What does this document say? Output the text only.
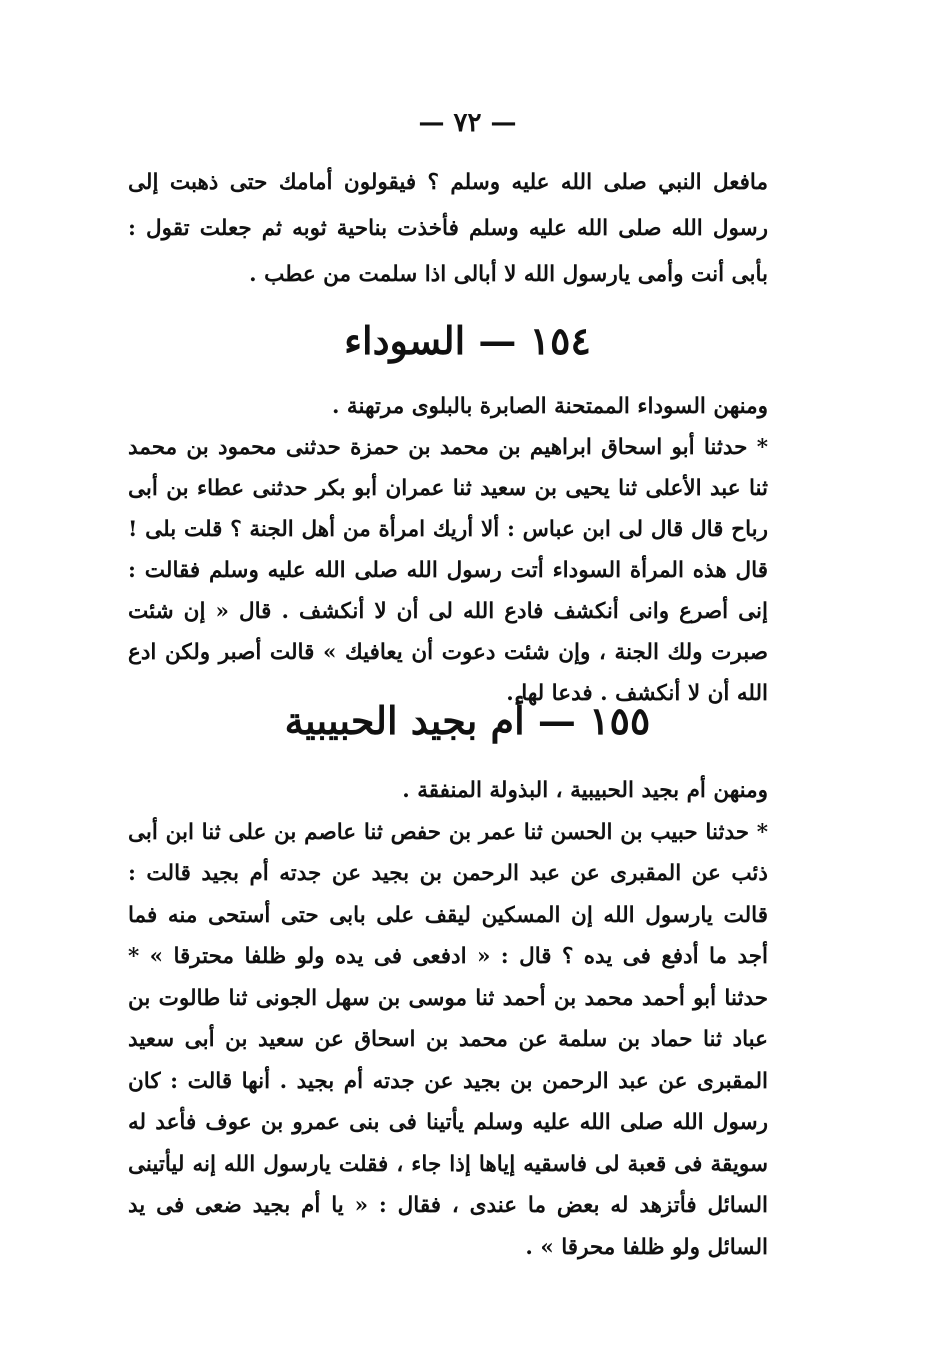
— ٧٢ —

مافعل النبي صلى الله عليه وسلم ؟ فيقولون أمامك حتى ذهبت إلى رسول الله صلى الله عليه وسلم فأخذت بناحية ثوبه ثم جعلت تقول : بأبى أنت وأمى يارسول الله لا أبالى اذا سلمت من عطب .

١٥٤ — السوداء

ومنهن السوداء الممتحنة الصابرة بالبلوى مرتهنة .

* حدثنا أبو اسحاق ابراهيم بن محمد بن حمزة حدثنى محمود بن محمد ثنا عبد الأعلى ثنا يحيى بن سعيد ثنا عمران أبو بكر حدثنى عطاء بن أبى رباح قال قال لى ابن عباس : ألا أريك امرأة من أهل الجنة ؟ قلت بلى ! قال هذه المرأة السوداء أتت رسول الله صلى الله عليه وسلم فقالت : إنى أصرع وانى أنكشف فادع الله لى أن لا أنكشف . قال « إن شئت صبرت ولك الجنة ، وإن شئت دعوت أن يعافيك » قالت أصبر ولكن ادع الله أن لا أنكشف . فدعا لها .

١٥٥ — أم بجيد الحبيبية

ومنهن أم بجيد الحبيبية ، البذولة المنفقة .

* حدثنا حبيب بن الحسن ثنا عمر بن حفص ثنا عاصم بن على ثنا ابن أبى ذئب عن المقبرى عن عبد الرحمن بن بجيد عن جدته أم بجيد قالت : قالت يارسول الله إن المسكين ليقف على بابى حتى أستحى منه فما أجد ما أدفع فى يده ؟ قال : « ادفعى فى يده ولو ظلفا محترقا » * حدثنا أبو أحمد محمد بن أحمد ثنا موسى بن سهل الجونى ثنا طالوت بن عباد ثنا حماد بن سلمة عن محمد بن اسحاق عن سعيد بن أبى سعيد المقبرى عن عبد الرحمن بن بجيد عن جدته أم بجيد . أنها قالت : كان رسول الله صلى الله عليه وسلم يأتينا فى بنى عمرو بن عوف فأعد له سويقة فى قعبة لى فاسقيه إياها إذا جاء ، فقلت يارسول الله إنه ليأتينى السائل فأتزهد له بعض ما عندى ، فقال : « يا أم بجيد ضعى فى يد السائل ولو ظلفا محرقا » .
